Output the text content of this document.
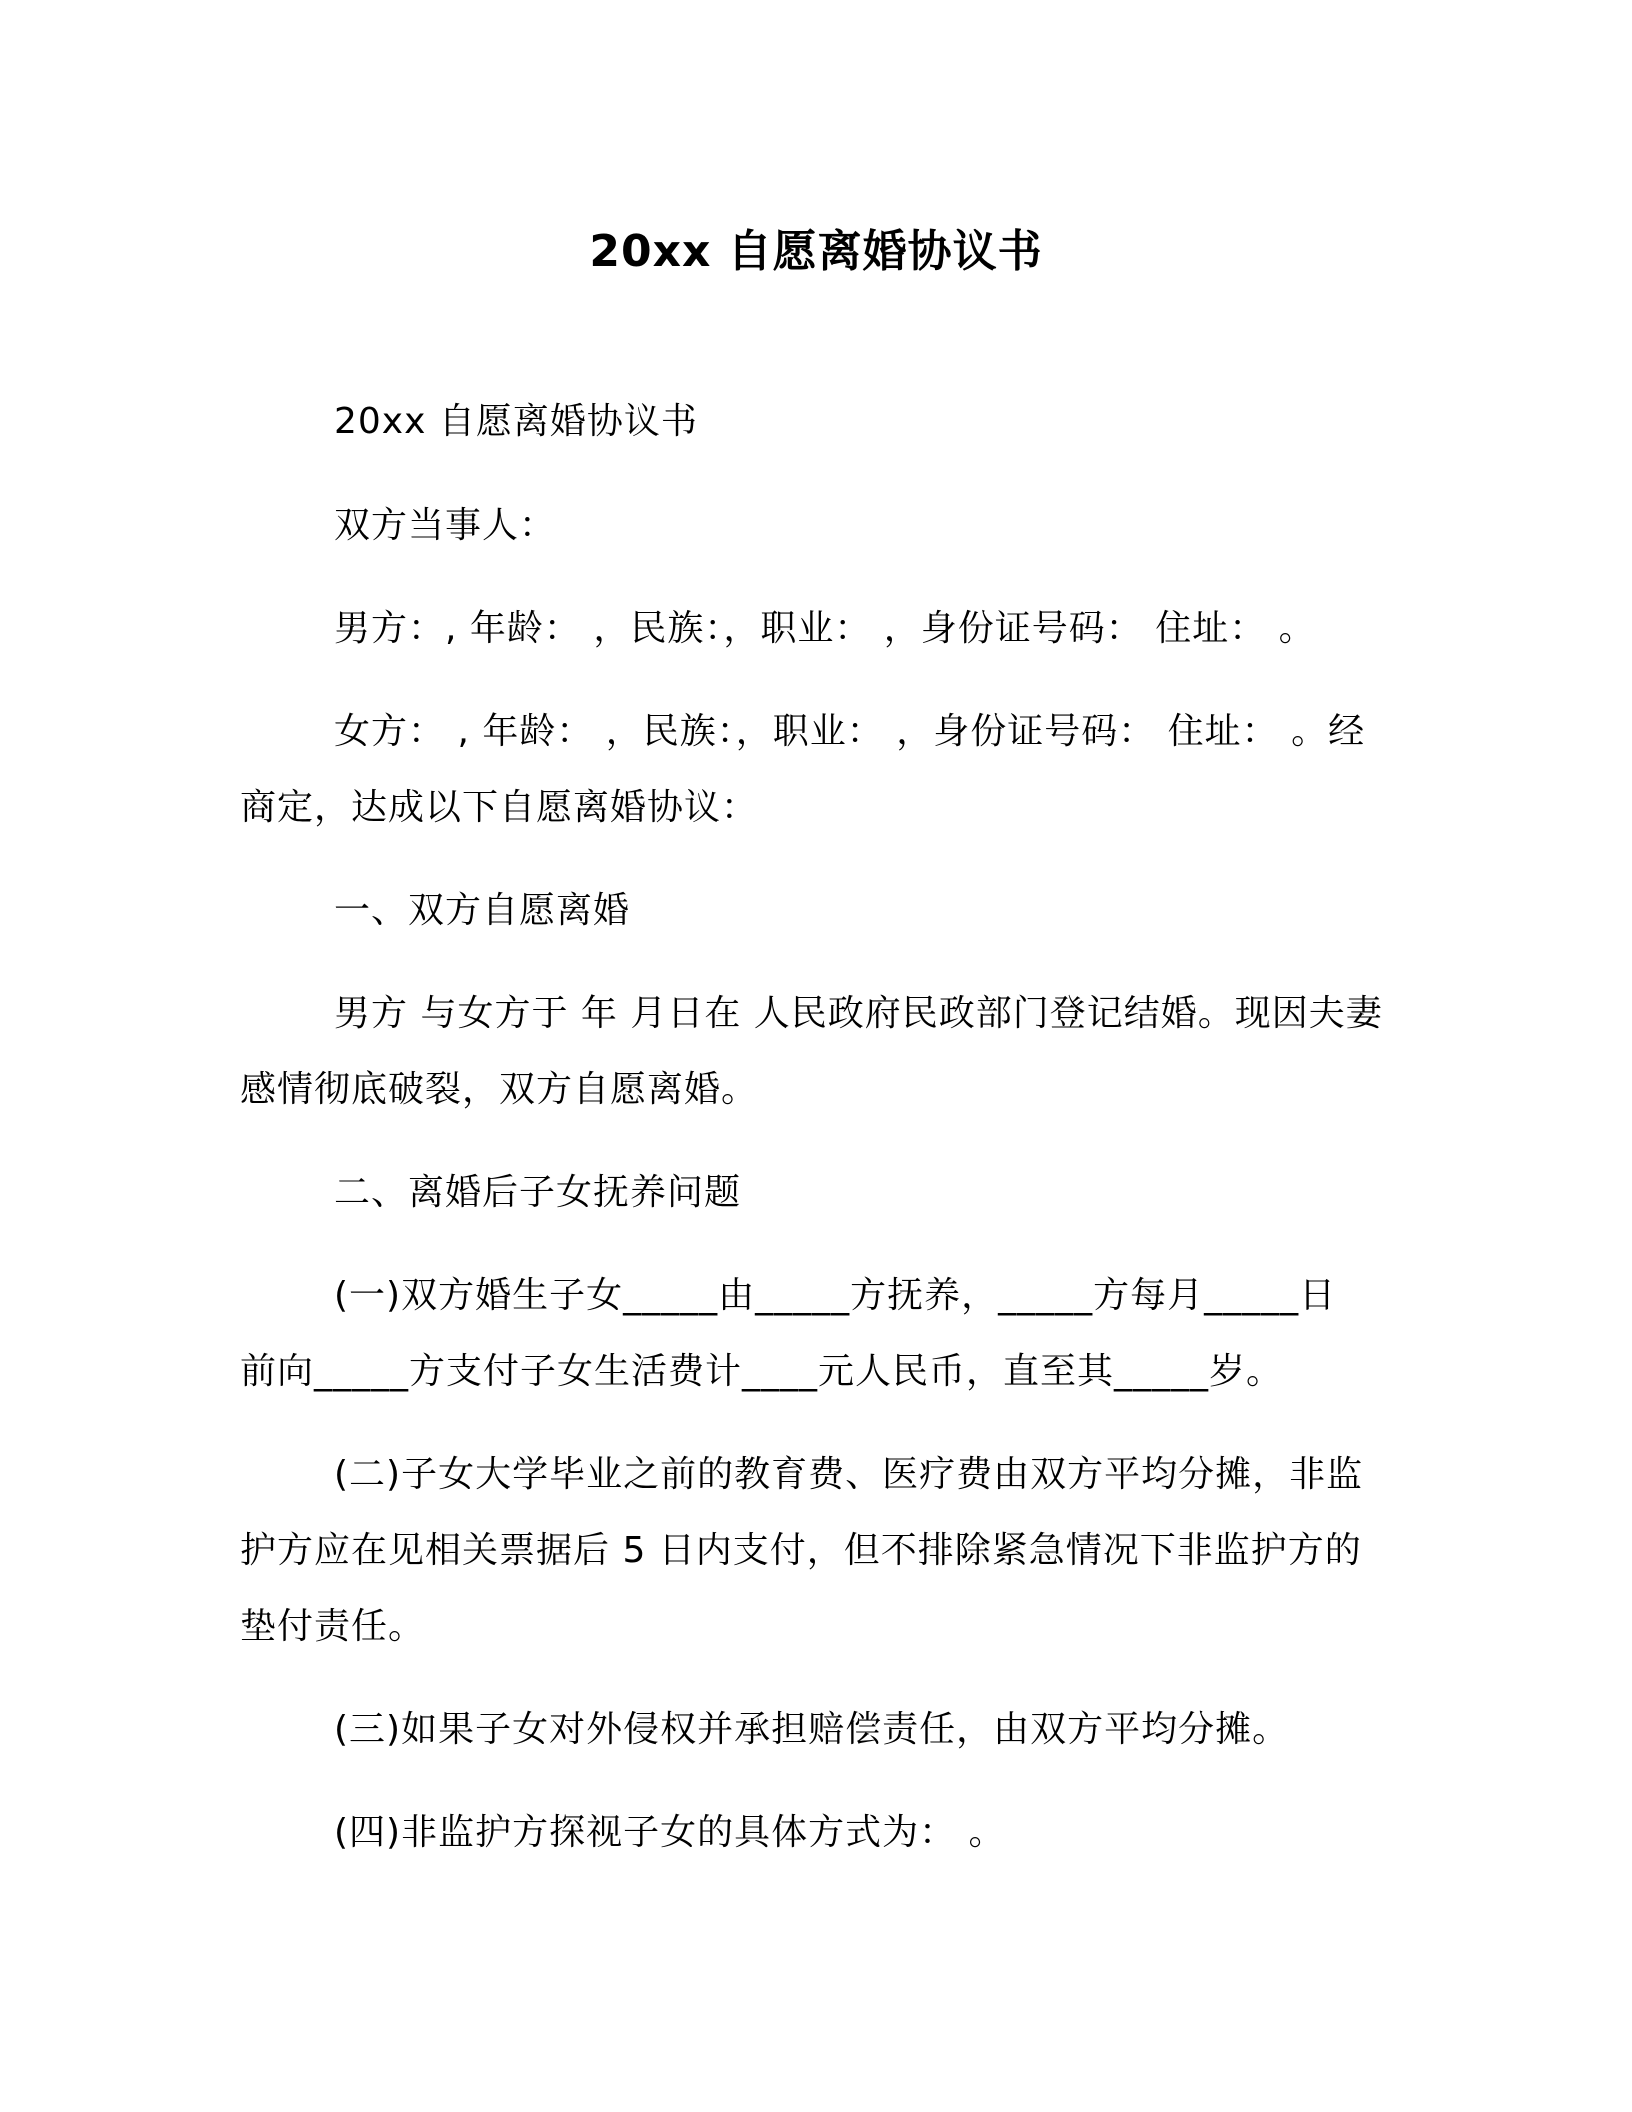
20xx 自愿离婚协议书
20xx 自愿离婚协议书
双方当事人：
男方：, 年龄： ，民族：，职业： ，身份证号码： 住址： 。
女方： , 年龄： ，民族：，职业： ，身份证号码： 住址： 。经
商定，达成以下自愿离婚协议：
一、双方自愿离婚
男方 与女方于 年 月日在 人民政府民政部门登记结婚。现因夫妻
感情彻底破裂，双方自愿离婚。
二、离婚后子女抚养问题
(一)双方婚生子女_____由_____方抚养，_____方每月_____日
前向_____方支付子女生活费计____元人民币，直至其_____岁。
(二)子女大学毕业之前的教育费、医疗费由双方平均分摊，非监
护方应在见相关票据后 5 日内支付，但不排除紧急情况下非监护方的
垫付责任。
(三)如果子女对外侵权并承担赔偿责任，由双方平均分摊。
(四)非监护方探视子女的具体方式为： 。
